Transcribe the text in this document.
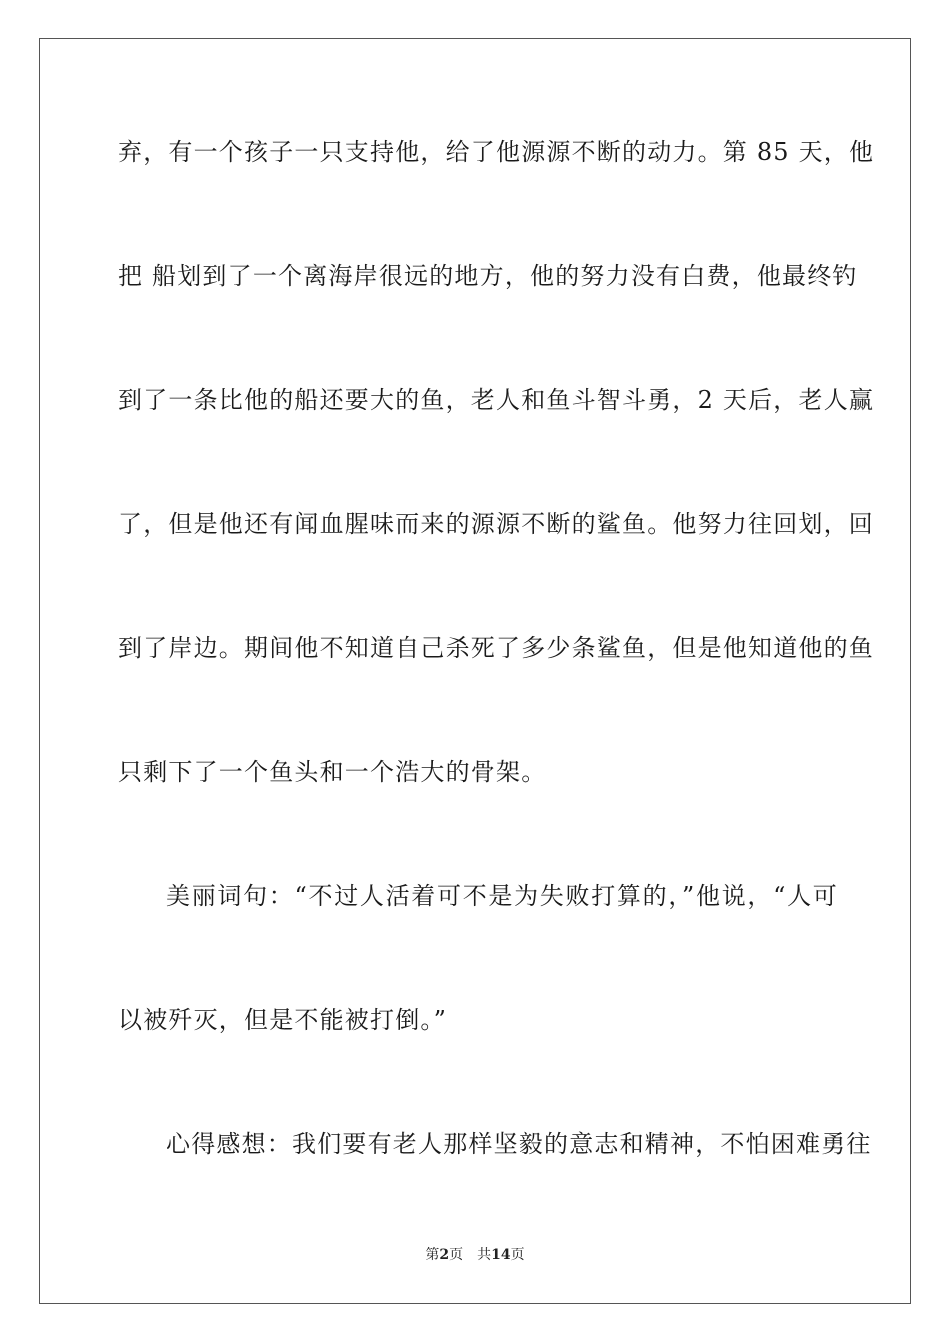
弃，有一个孩子一只支持他，给了他源源不断的动力。第 85 天，他
把 船划到了一个离海岸很远的地方，他的努力没有白费，他最终钓
到了一条比他的船还要大的鱼，老人和鱼斗智斗勇，2 天后，老人赢
了，但是他还有闻血腥味而来的源源不断的鲨鱼。他努力往回划，回
到了岸边。期间他不知道自己杀死了多少条鲨鱼，但是他知道他的鱼
只剩下了一个鱼头和一个浩大的骨架。
美丽词句：“不过人活着可不是为失败打算的，”他说，“人可
以被歼灭，但是不能被打倒。”
心得感想：我们要有老人那样坚毅的意志和精神，不怕困难勇往
第2页 共14页
